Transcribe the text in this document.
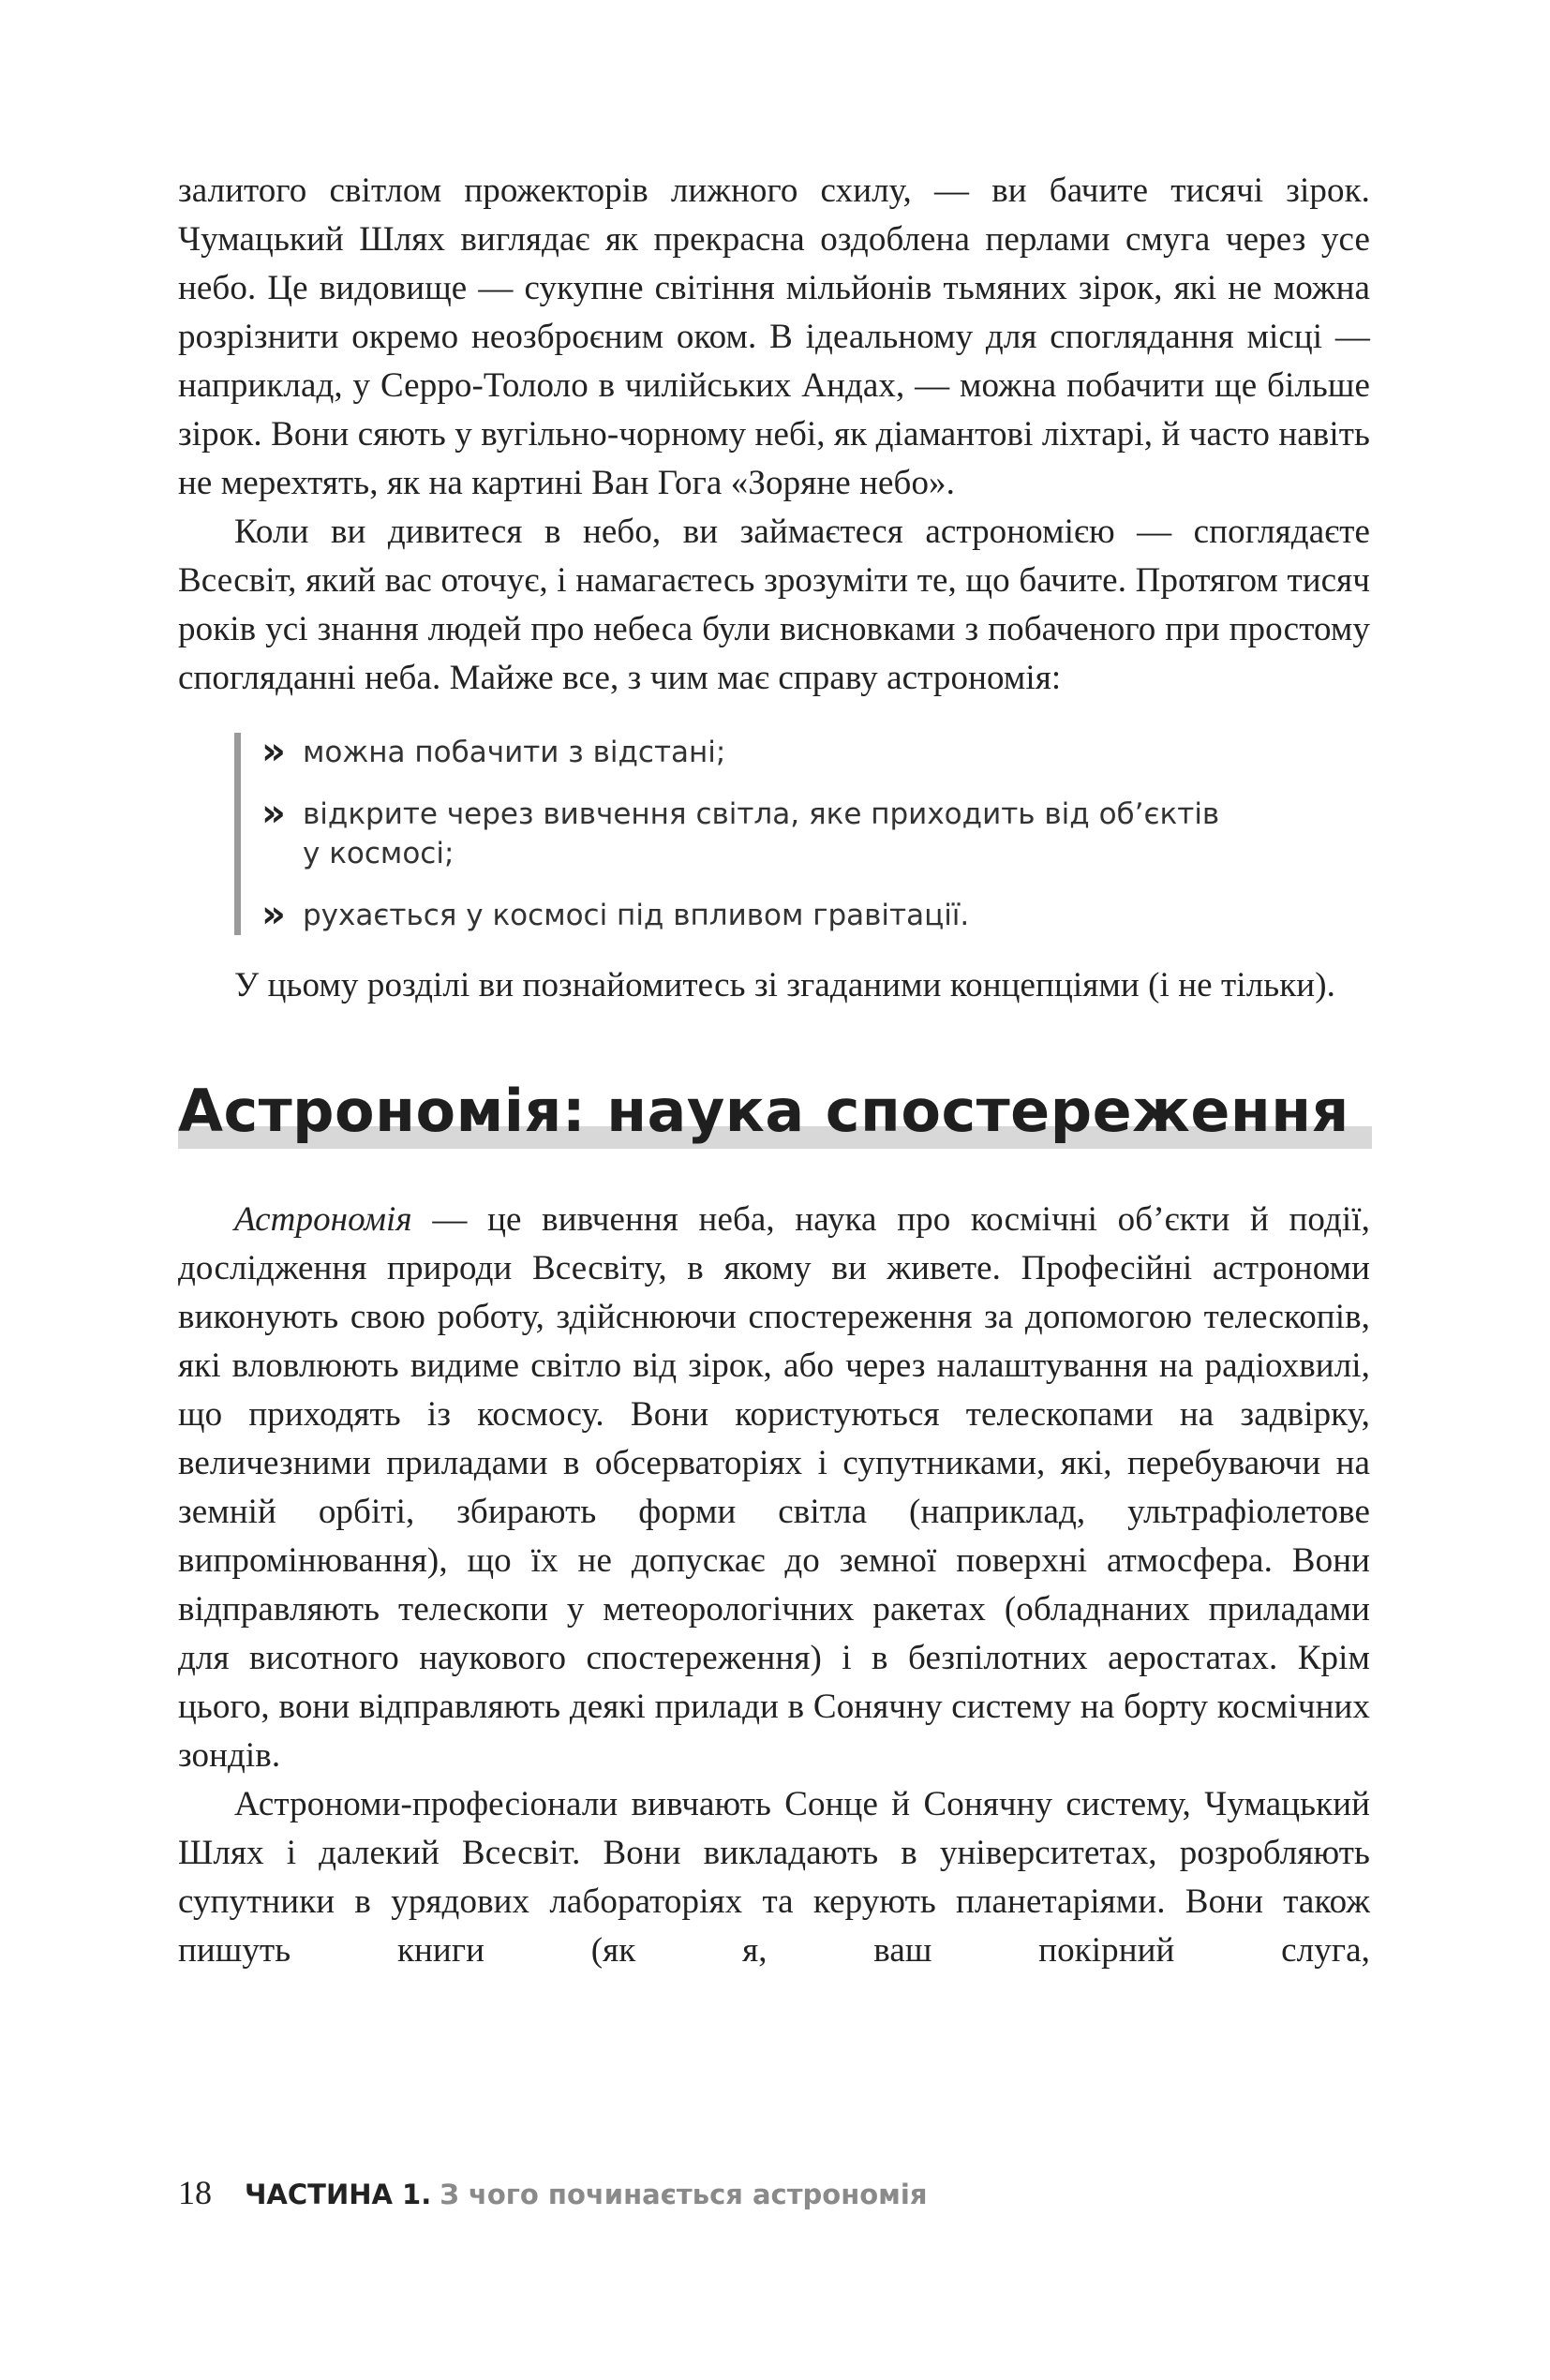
залитого світлом прожекторів лижного схилу, — ви бачите тисячі зірок. Чумацький Шлях виглядає як прекрасна оздоблена перлами смуга через усе небо. Це видовище — сукупне світіння мільйонів тьмяних зірок, які не можна розрізнити окремо неозброєним оком. В ідеальному для споглядання місці — наприклад, у Серро-Тололо в чилійських Андах, — можна побачити ще більше зірок. Вони сяють у вугільно-чорному небі, як діамантові ліхтарі, й часто навіть не мерехтять, як на картині Ван Гога «Зоряне небо».

Коли ви дивитеся в небо, ви займаєтеся астрономією — споглядаєте Всесвіт, який вас оточує, і намагаєтесь зрозуміти те, що бачите. Протягом тисяч років усі знання людей про небеса були висновками з побаченого при простому спогляданні неба. Майже все, з чим має справу астрономія:

» можна побачити з відстані;
» відкрите через вивчення світла, яке приходить від об’єктів у космосі;
» рухається у космосі під впливом гравітації.

У цьому розділі ви познайомитесь зі згаданими концепціями (і не тільки).

Астрономія: наука спостереження

Астрономія — це вивчення неба, наука про космічні об’єкти й події, дослідження природи Всесвіту, в якому ви живете. Професійні астрономи виконують свою роботу, здійснюючи спостереження за допомогою телескопів, які вловлюють видиме світло від зірок, або через налаштування на радіохвилі, що приходять із космосу. Вони користуються телескопами на задвірку, величезними приладами в обсерваторіях і супутниками, які, перебуваючи на земній орбіті, збирають форми світла (наприклад, ультрафіолетове випромінювання), що їх не допускає до земної поверхні атмосфера. Вони відправляють телескопи у метеорологічних ракетах (обладнаних приладами для висотного наукового спостереження) і в безпілотних аеростатах. Крім цього, вони відправляють деякі прилади в Сонячну систему на борту космічних зондів.

Астрономи-професіонали вивчають Сонце й Сонячну систему, Чумацький Шлях і далекий Всесвіт. Вони викладають в університетах, розробляють супутники в урядових лабораторіях та керують планетаріями. Вони також пишуть книги (як я, ваш покірний слуга,

18 ЧАСТИНА 1. З чого починається астрономія
